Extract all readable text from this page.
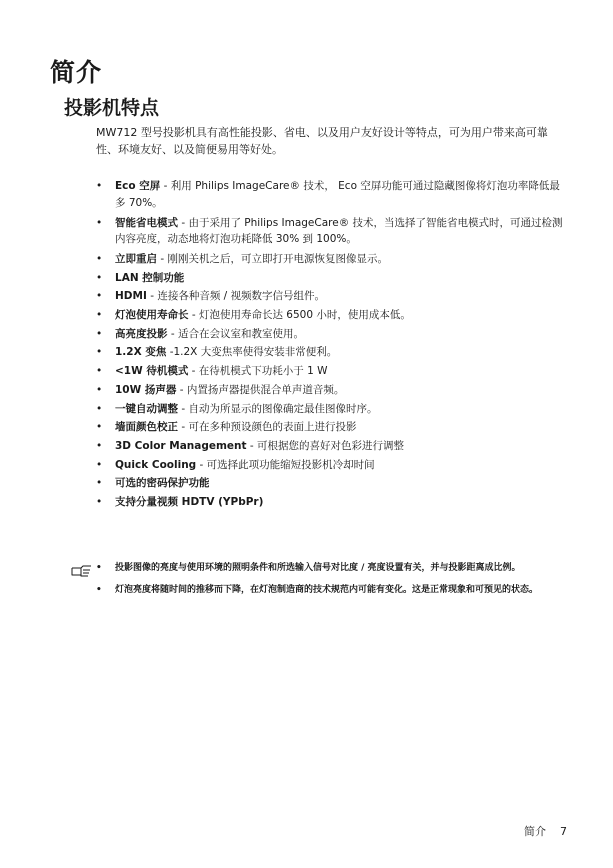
简介
投影机特点

MW712 型号投影机具有高性能投影、省电、以及用户友好设计等特点，可为用户带来高可靠性、环境友好、以及简便易用等好处。

• Eco 空屏 - 利用 Philips ImageCare® 技术， Eco 空屏功能可通过隐藏图像将灯泡功率降低最多 70%。
• 智能省电模式 - 由于采用了 Philips ImageCare® 技术，当选择了智能省电模式时，可通过检测内容亮度，动态地将灯泡功耗降低 30% 到 100%。
• 立即重启 - 刚刚关机之后，可立即打开电源恢复图像显示。
• LAN 控制功能
• HDMI - 连接各种音频 / 视频数字信号组件。
• 灯泡使用寿命长 - 灯泡使用寿命长达 6500 小时，使用成本低。
• 高亮度投影 - 适合在会议室和教室使用。
• 1.2X 变焦 -1.2X 大变焦率使得安装非常便利。
• <1W 待机模式 - 在待机模式下功耗小于 1 W
• 10W 扬声器 - 内置扬声器提供混合单声道音频。
• 一键自动调整 - 自动为所显示的图像确定最佳图像时序。
• 墙面颜色校正 - 可在多种预设颜色的表面上进行投影
• 3D Color Management - 可根据您的喜好对色彩进行调整
• Quick Cooling - 可选择此项功能缩短投影机冷却时间
• 可选的密码保护功能
• 支持分量视频 HDTV (YPbPr)
• 投影图像的亮度与使用环境的照明条件和所选输入信号对比度 / 亮度设置有关，并与投影距离成比例。
• 灯泡亮度将随时间的推移而下降，在灯泡制造商的技术规范内可能有变化。这是正常现象和可预见的状态。
简介 7
